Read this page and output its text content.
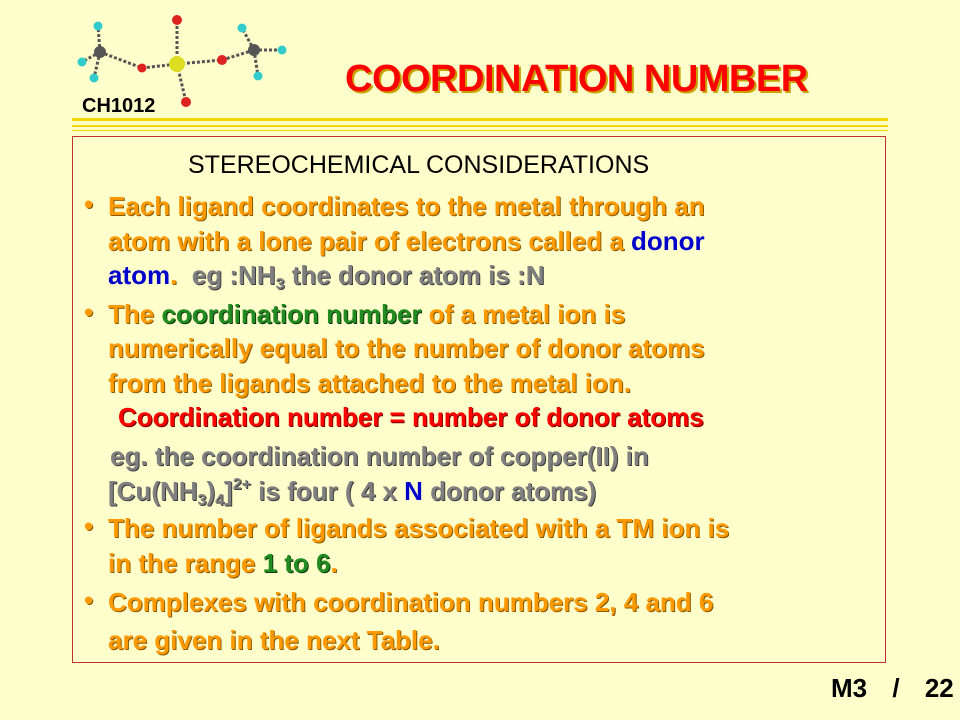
CH1012
COORDINATION NUMBER
STEREOCHEMICAL CONSIDERATIONS
• Each ligand coordinates to the metal through an
atom with a lone pair of electrons called a donor
atom.  eg $:NH_3$ the donor atom is :N
• The coordination number of a metal ion is
numerically equal to the number of donor atoms
from the ligands attached to the metal ion.
Coordination number = number of donor atoms
eg. the coordination number of copper(II) in
$[Cu(NH_3)_4]^{2+}$ is four ( 4 x N donor atoms)
• The number of ligands associated with a TM ion is
in the range 1 to 6.
• Complexes with coordination numbers 2, 4 and 6
are given in the next Table.
M3 / 22
